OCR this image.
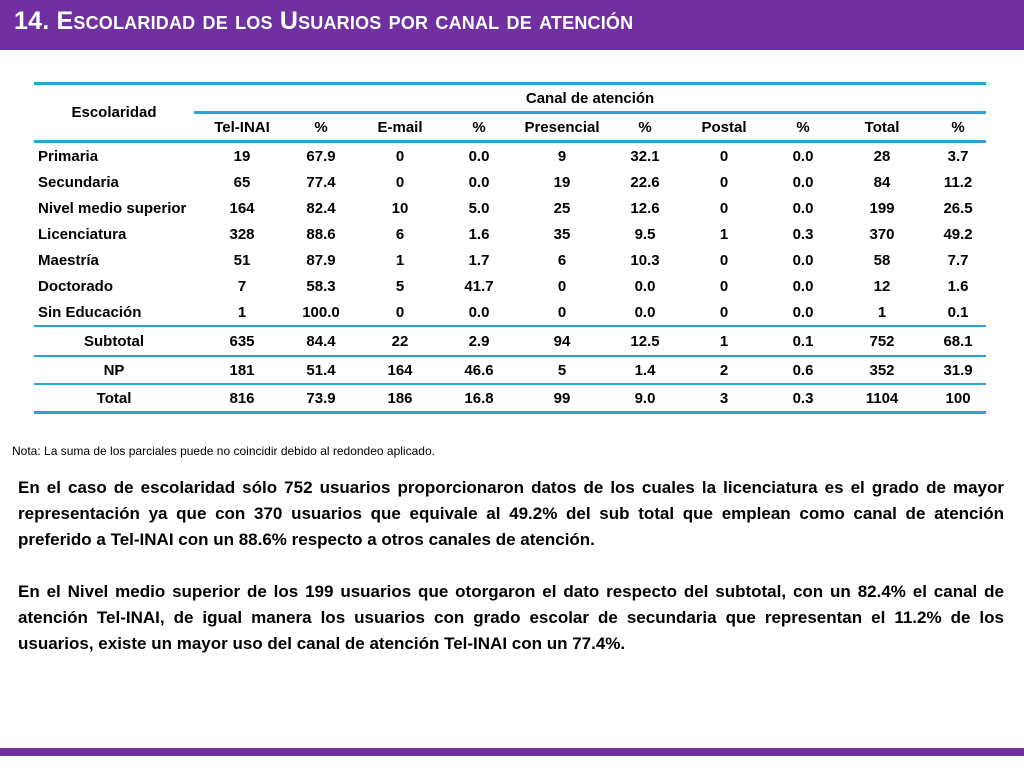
14. Escolaridad de los Usuarios por canal de atención
Escolaridad	Canal de atención									
	Tel-INAI	%	E-mail	%	Presencial	%	Postal	%	Total	%
Primaria	19	67.9	0	0.0	9	32.1	0	0.0	28	3.7
Secundaria	65	77.4	0	0.0	19	22.6	0	0.0	84	11.2
Nivel medio superior	164	82.4	10	5.0	25	12.6	0	0.0	199	26.5
Licenciatura	328	88.6	6	1.6	35	9.5	1	0.3	370	49.2
Maestría	51	87.9	1	1.7	6	10.3	0	0.0	58	7.7
Doctorado	7	58.3	5	41.7	0	0.0	0	0.0	12	1.6
Sin Educación	1	100.0	0	0.0	0	0.0	0	0.0	1	0.1
Subtotal	635	84.4	22	2.9	94	12.5	1	0.1	752	68.1
NP	181	51.4	164	46.6	5	1.4	2	0.6	352	31.9
Total	816	73.9	186	16.8	99	9.0	3	0.3	1104	100
Nota: La suma de los parciales puede no coincidir debido al redondeo aplicado.

En el caso de escolaridad sólo 752 usuarios proporcionaron datos de los cuales la licenciatura es el grado de mayor representación ya que con 370 usuarios que equivale al 49.2% del sub total que emplean como canal de atención preferido a Tel-INAI con un 88.6% respecto a otros canales de atención.

En el Nivel medio superior de los 199 usuarios que otorgaron el dato respecto del subtotal, con un 82.4% el canal de atención Tel-INAI, de igual manera los usuarios con grado escolar de secundaria que representan el 11.2% de los usuarios, existe un mayor uso del canal de atención Tel-INAI con un 77.4%.
